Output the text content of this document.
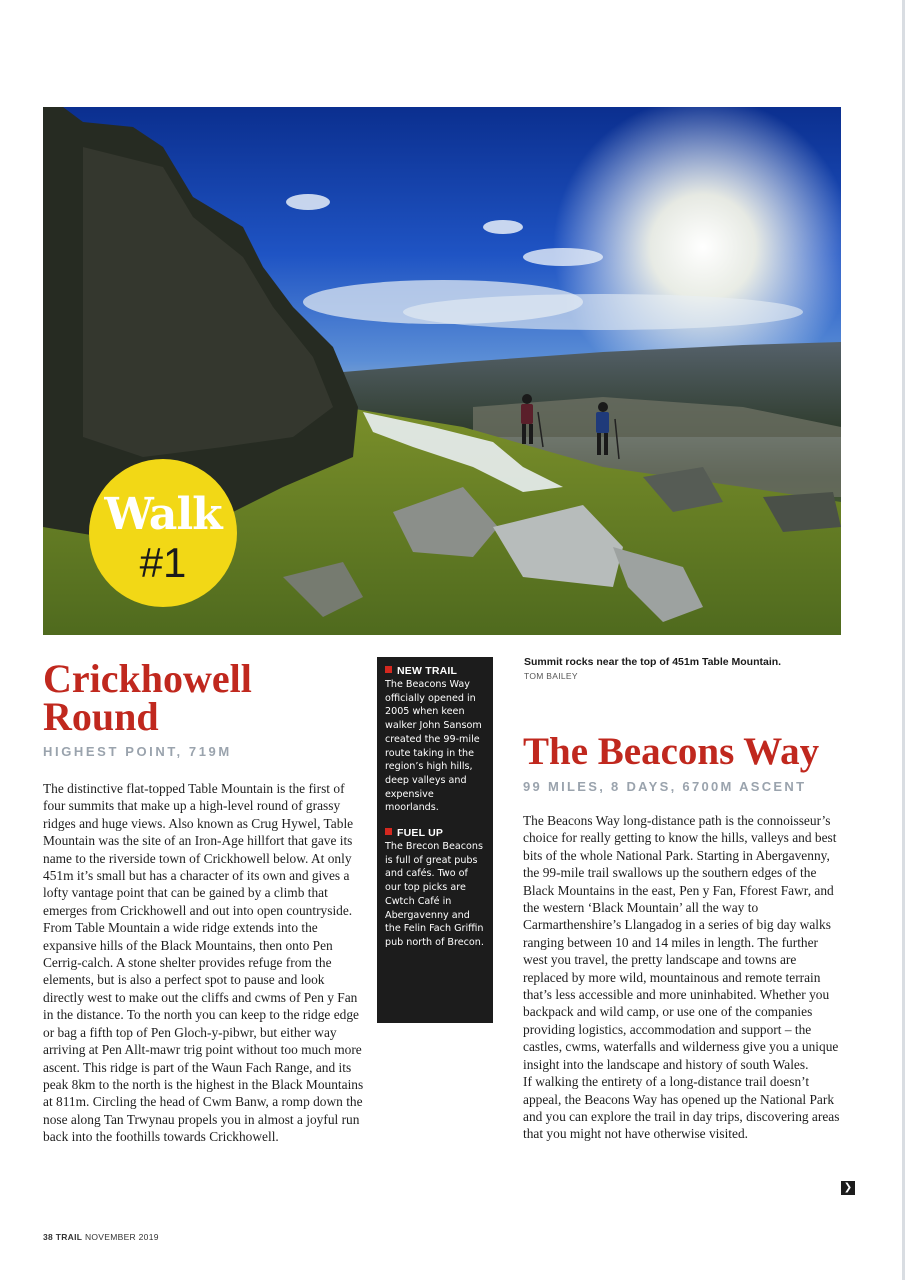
Walk
#1
Summit rocks near the top of 451m Table Mountain.
TOM BAILEY
Crickhowell Round
HIGHEST POINT, 719M
The distinctive flat-topped Table Mountain is the first of four summits that make up a high-level round of grassy ridges and huge views. Also known as Crug Hywel, Table Mountain was the site of an Iron-Age hillfort that gave its name to the riverside town of Crickhowell below. At only 451m it’s small but has a character of its own and gives a lofty vantage point that can be gained by a climb that emerges from Crickhowell and out into open countryside. From Table Mountain a wide ridge extends into the expansive hills of the Black Mountains, then onto Pen Cerrig-calch. A stone shelter provides refuge from the elements, but is also a perfect spot to pause and look directly west to make out the cliffs and cwms of Pen y Fan in the distance. To the north you can keep to the ridge edge or bag a fifth top of Pen Gloch-y-pibwr, but either way arriving at Pen Allt-mawr trig point without too much more ascent. This ridge is part of the Waun Fach Range, and its peak 8km to the north is the highest in the Black Mountains at 811m. Circling the head of Cwm Banw, a romp down the nose along Tan Trwynau propels you in almost a joyful run back into the foothills towards Crickhowell.
NEW TRAIL
The Beacons Way officially opened in 2005 when keen walker John Sansom created the 99-mile route taking in the region’s high hills, deep valleys and expensive moorlands.
FUEL UP
The Brecon Beacons is full of great pubs and cafés. Two of our top picks are Cwtch Café in Abergavenny and the Felin Fach Griffin pub north of Brecon.
The Beacons Way
99 MILES, 8 DAYS, 6700M ASCENT
The Beacons Way long-distance path is the connoisseur’s choice for really getting to know the hills, valleys and best bits of the whole National Park. Starting in Abergavenny, the 99-mile trail swallows up the southern edges of the Black Mountains in the east, Pen y Fan, Fforest Fawr, and the western ‘Black Mountain’ all the way to Carmarthenshire’s Llangadog in a series of big day walks ranging between 10 and 14 miles in length. The further west you travel, the pretty landscape and towns are replaced by more wild, mountainous and remote terrain that’s less accessible and more uninhabited. Whether you backpack and wild camp, or use one of the companies providing logistics, accommodation and support – the castles, cwms, waterfalls and wilderness give you a unique insight into the landscape and history of south Wales.
If walking the entirety of a long-distance trail doesn’t appeal, the Beacons Way has opened up the National Park and you can explore the trail in day trips, discovering areas that you might not have otherwise visited.
❯
38 TRAIL NOVEMBER 2019
